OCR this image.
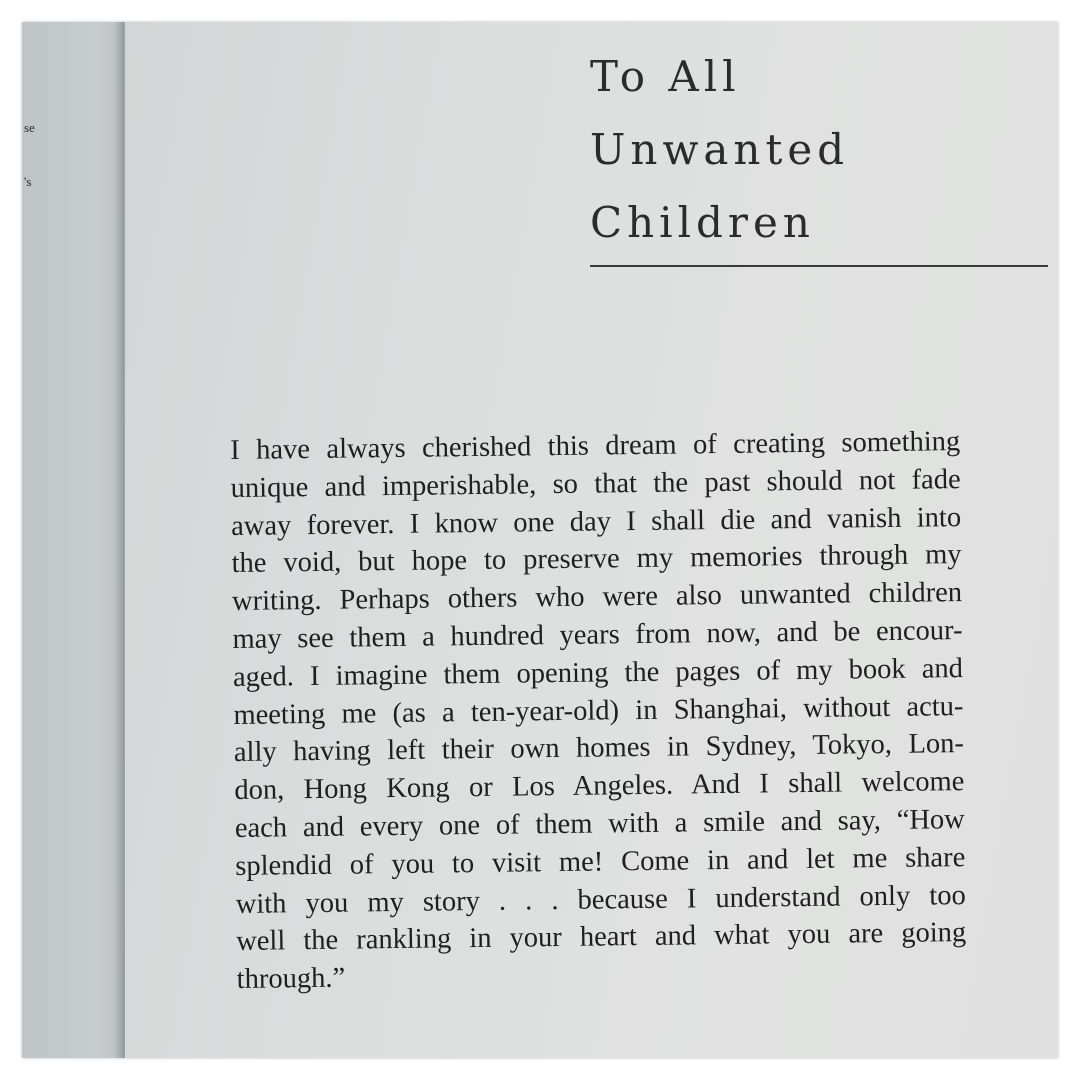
se
's
To All
Unwanted
Children

I have always cherished this dream of creating something
unique and imperishable, so that the past should not fade
away forever. I know one day I shall die and vanish into
the void, but hope to preserve my memories through my
writing. Perhaps others who were also unwanted children
may see them a hundred years from now, and be encour-
aged. I imagine them opening the pages of my book and
meeting me (as a ten-year-old) in Shanghai, without actu-
ally having left their own homes in Sydney, Tokyo, Lon-
don, Hong Kong or Los Angeles. And I shall welcome
each and every one of them with a smile and say, “How
splendid of you to visit me! Come in and let me share
with you my story . . . because I understand only too
well the rankling in your heart and what you are going
through.”
